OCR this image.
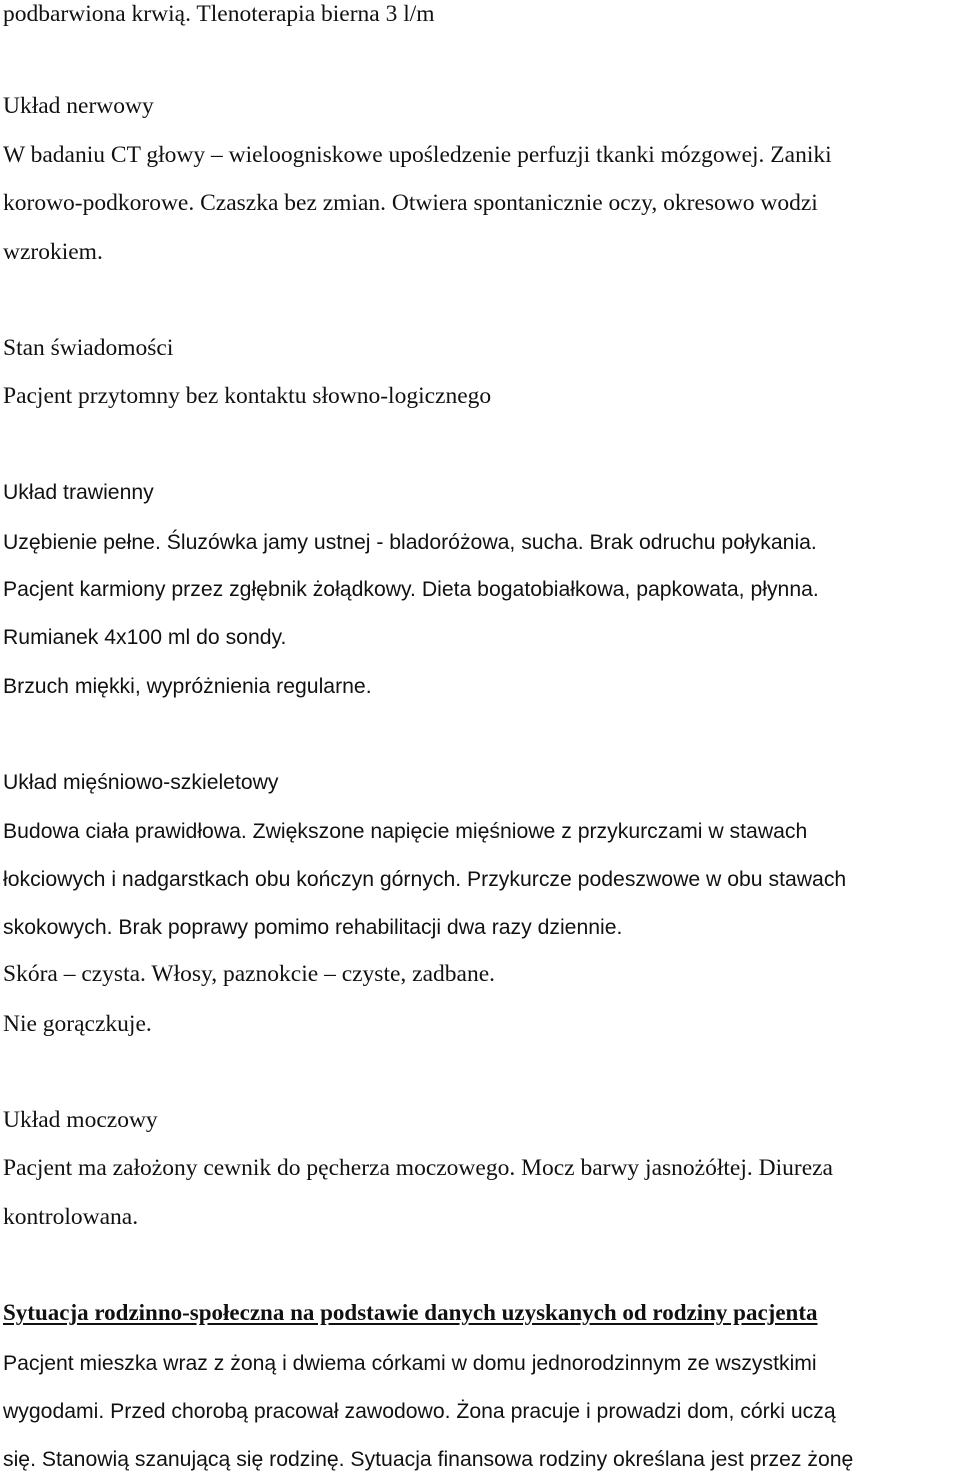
podbarwiona krwią. Tlenoterapia bierna 3 l/m
Układ nerwowy
W badaniu CT głowy – wieloogniskowe upośledzenie perfuzji tkanki mózgowej. Zaniki
korowo-podkorowe. Czaszka bez zmian. Otwiera spontanicznie oczy, okresowo wodzi
wzrokiem.
Stan świadomości
Pacjent przytomny bez kontaktu słowno-logicznego
Układ trawienny
Uzębienie pełne. Śluzówka jamy ustnej - bladoróżowa, sucha. Brak odruchu połykania.
Pacjent karmiony przez zgłębnik żołądkowy. Dieta bogatobiałkowa, papkowata, płynna.
Rumianek 4x100 ml do sondy.
Brzuch miękki, wypróżnienia regularne.
Układ mięśniowo-szkieletowy
Budowa ciała prawidłowa. Zwiększone napięcie mięśniowe z przykurczami w stawach
łokciowych i nadgarstkach obu kończyn górnych. Przykurcze podeszwowe w obu stawach
skokowych. Brak poprawy pomimo rehabilitacji dwa razy dziennie.
Skóra – czysta. Włosy, paznokcie – czyste, zadbane.
Nie gorączkuje.
Układ moczowy
Pacjent ma założony cewnik do pęcherza moczowego. Mocz barwy jasnożółtej. Diureza
kontrolowana.
Sytuacja rodzinno-społeczna na podstawie danych uzyskanych od rodziny pacjenta
Pacjent mieszka wraz z żoną i dwiema córkami w domu jednorodzinnym ze wszystkimi
wygodami. Przed chorobą pracował zawodowo. Żona pracuje i prowadzi dom, córki uczą
się. Stanowią szanującą się rodzinę. Sytuacja finansowa rodziny określana jest przez żonę
